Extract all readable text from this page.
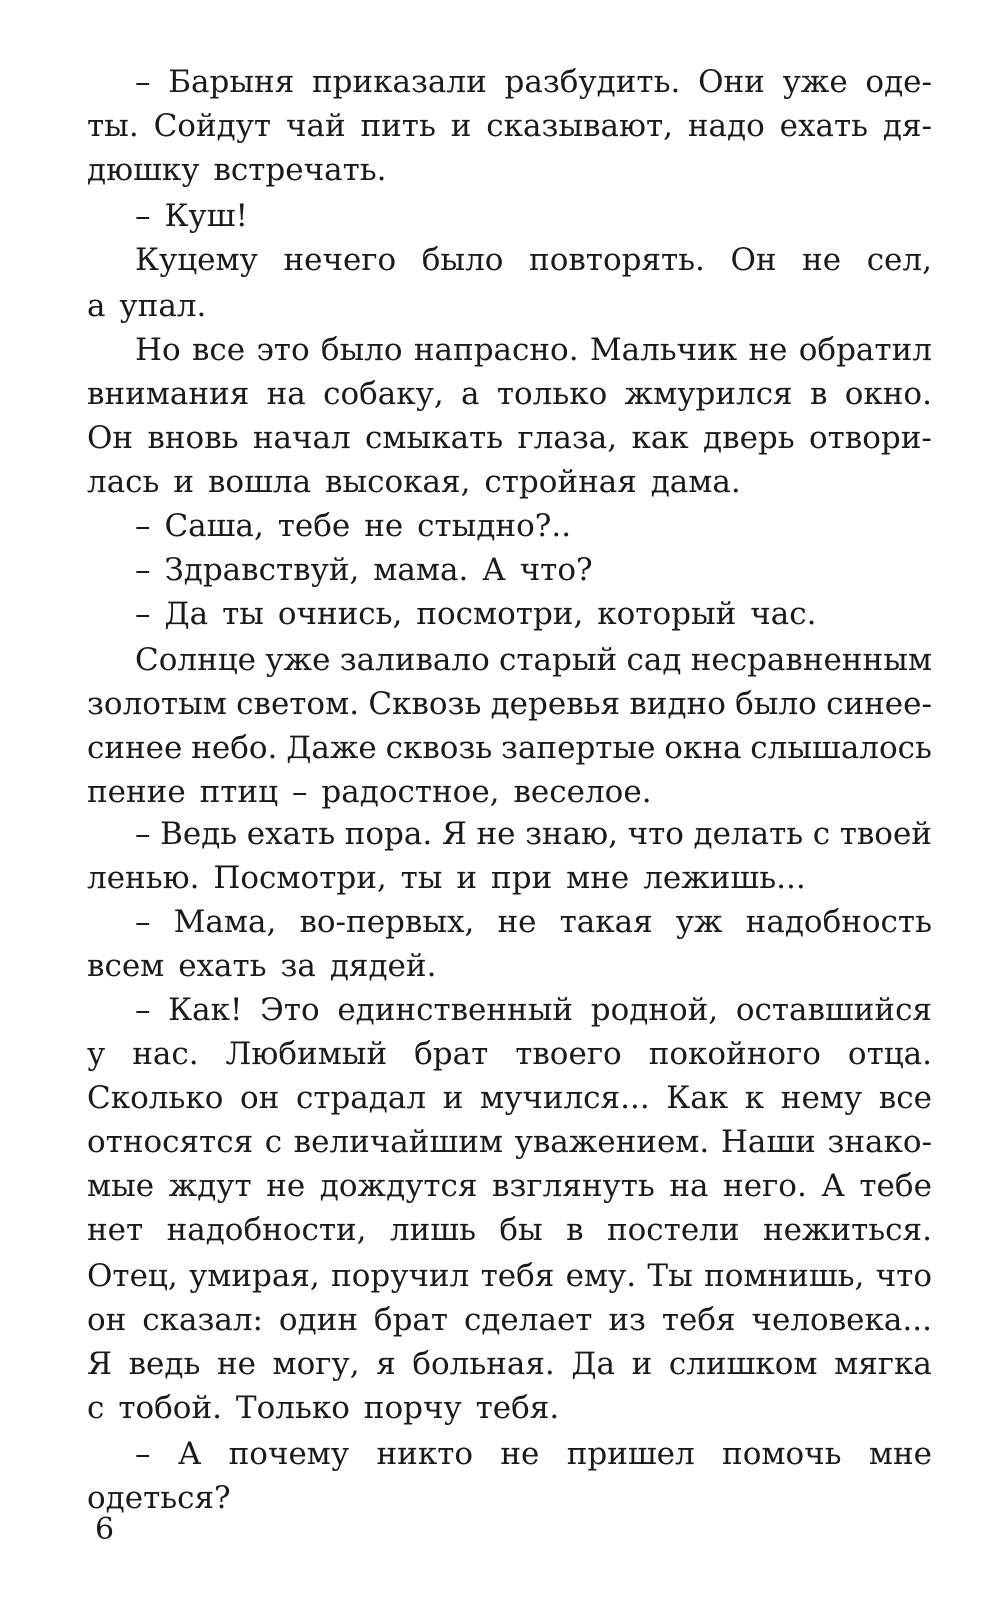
– Барыня приказали разбудить. Они уже оде-
ты. Сойдут чай пить и сказывают, надо ехать дя-
дюшку встречать.
– Куш!
Куцему нечего было повторять. Он не сел,
а упал.
Но все это было напрасно. Мальчик не обратил
внимания на собаку, а только жмурился в окно.
Он вновь начал смыкать глаза, как дверь отвори-
лась и вошла высокая, стройная дама.
– Саша, тебе не стыдно?..
– Здравствуй, мама. А что?
– Да ты очнись, посмотри, который час.
Солнце уже заливало старый сад несравненным
золотым светом. Сквозь деревья видно было синее-
синее небо. Даже сквозь запертые окна слышалось
пение птиц – радостное, веселое.
– Ведь ехать пора. Я не знаю, что делать с твоей
ленью. Посмотри, ты и при мне лежишь...
– Мама, во-первых, не такая уж надобность
всем ехать за дядей.
– Как! Это единственный родной, оставшийся
у нас. Любимый брат твоего покойного отца.
Сколько он страдал и мучился... Как к нему все
относятся с величайшим уважением. Наши знако-
мые ждут не дождутся взглянуть на него. А тебе
нет надобности, лишь бы в постели нежиться.
Отец, умирая, поручил тебя ему. Ты помнишь, что
он сказал: один брат сделает из тебя человека...
Я ведь не могу, я больная. Да и слишком мягка
с тобой. Только порчу тебя.
– А почему никто не пришел помочь мне
одеться?
6
